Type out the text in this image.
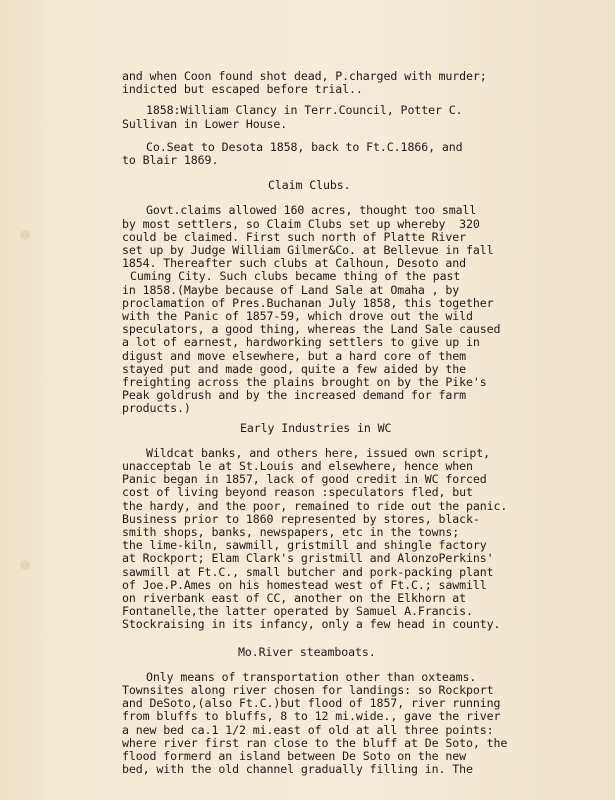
and when Coon found shot dead, P.charged with murder;
indicted but escaped before trial..
1858:William Clancy in Terr.Council, Potter C.
Sullivan in Lower House.
Co.Seat to Desota 1858, back to Ft.C.1866, and
to Blair 1869.
Claim Clubs.
Govt.claims allowed 160 acres, thought too small
by most settlers, so Claim Clubs set up whereby  320
could be claimed. First such north of Platte River
set up by Judge William Gilmer&Co. at Bellevue in fall
1854. Thereafter such clubs at Calhoun, Desoto and
Cuming City. Such clubs became thing of the past
in 1858.(Maybe because of Land Sale at Omaha , by
proclamation of Pres.Buchanan July 1858, this together
with the Panic of 1857-59, which drove out the wild
speculators, a good thing, whereas the Land Sale caused
a lot of earnest, hardworking settlers to give up in
digust and move elsewhere, but a hard core of them
stayed put and made good, quite a few aided by the
freighting across the plains brought on by the Pike's
Peak goldrush and by the increased demand for farm
products.)
Early Industries in WC
Wildcat banks, and others here, issued own script,
unacceptab le at St.Louis and elsewhere, hence when
Panic began in 1857, lack of good credit in WC forced
cost of living beyond reason :speculators fled, but
the hardy, and the poor, remained to ride out the panic.
Business prior to 1860 represented by stores, black-
smith shops, banks, newspapers, etc in the towns;
the lime-kiln, sawmill, gristmill and shingle factory
at Rockport; Elam Clark's gristmill and AlonzoPerkins'
sawmill at Ft.C., small butcher and pork-packing plant
of Joe.P.Ames on his homestead west of Ft.C.; sawmill
on riverbank east of CC, another on the Elkhorn at
Fontanelle,the latter operated by Samuel A.Francis.
Stockraising in its infancy, only a few head in county.
Mo.River steamboats.
Only means of transportation other than oxteams.
Townsites along river chosen for landings: so Rockport
and DeSoto,(also Ft.C.)but flood of 1857, river running
from bluffs to bluffs, 8 to 12 mi.wide., gave the river
a new bed ca.1 1/2 mi.east of old at all three points:
where river first ran close to the bluff at De Soto, the
flood formerd an island between De Soto on the new
bed, with the old channel gradually filling in. The
